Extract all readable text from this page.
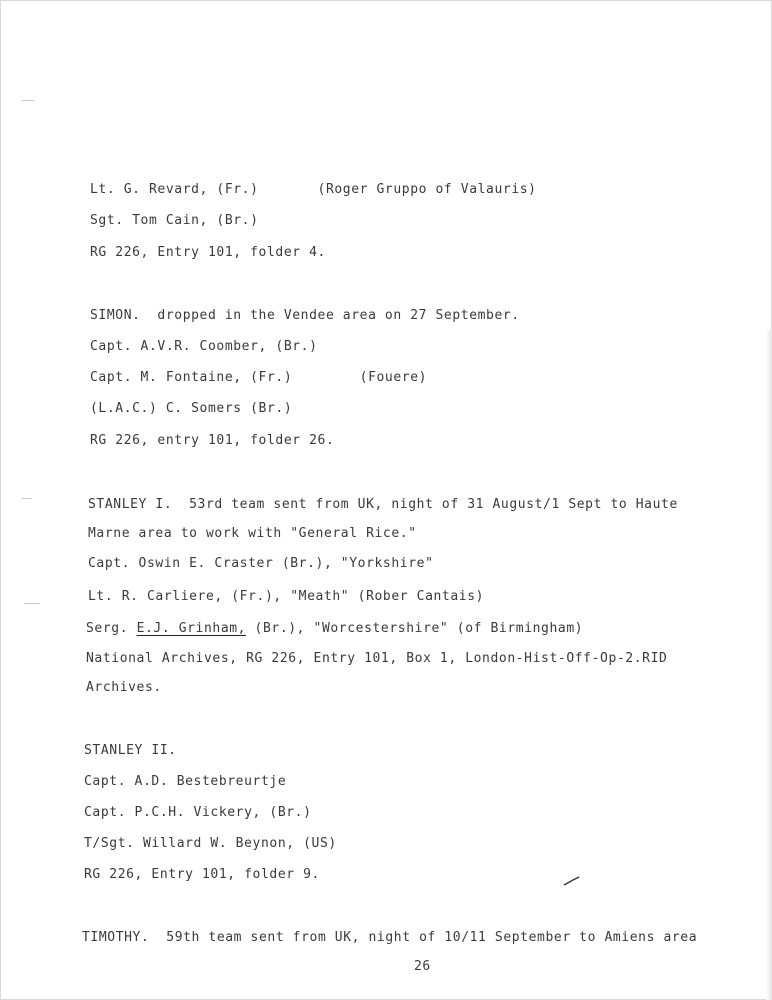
Lt. G. Revard, (Fr.)       (Roger Gruppo of Valauris)
Sgt. Tom Cain, (Br.)
RG 226, Entry 101, folder 4.
SIMON.  dropped in the Vendee area on 27 September.
Capt. A.V.R. Coomber, (Br.)
Capt. M. Fontaine, (Fr.)        (Fouere)
(L.A.C.) C. Somers (Br.)
RG 226, entry 101, folder 26.
STANLEY I.  53rd team sent from UK, night of 31 August/1 Sept to Haute
Marne area to work with "General Rice."
Capt. Oswin E. Craster (Br.), "Yorkshire"
Lt. R. Carliere, (Fr.), "Meath" (Rober Cantais)
Serg. E.J. Grinham, (Br.), "Worcestershire" (of Birmingham)
National Archives, RG 226, Entry 101, Box 1, London-Hist-Off-Op-2.RID
Archives.
STANLEY II.
Capt. A.D. Bestebreurtje
Capt. P.C.H. Vickery, (Br.)
T/Sgt. Willard W. Beynon, (US)
RG 226, Entry 101, folder 9.
TIMOTHY.  59th team sent from UK, night of 10/11 September to Amiens area
26
